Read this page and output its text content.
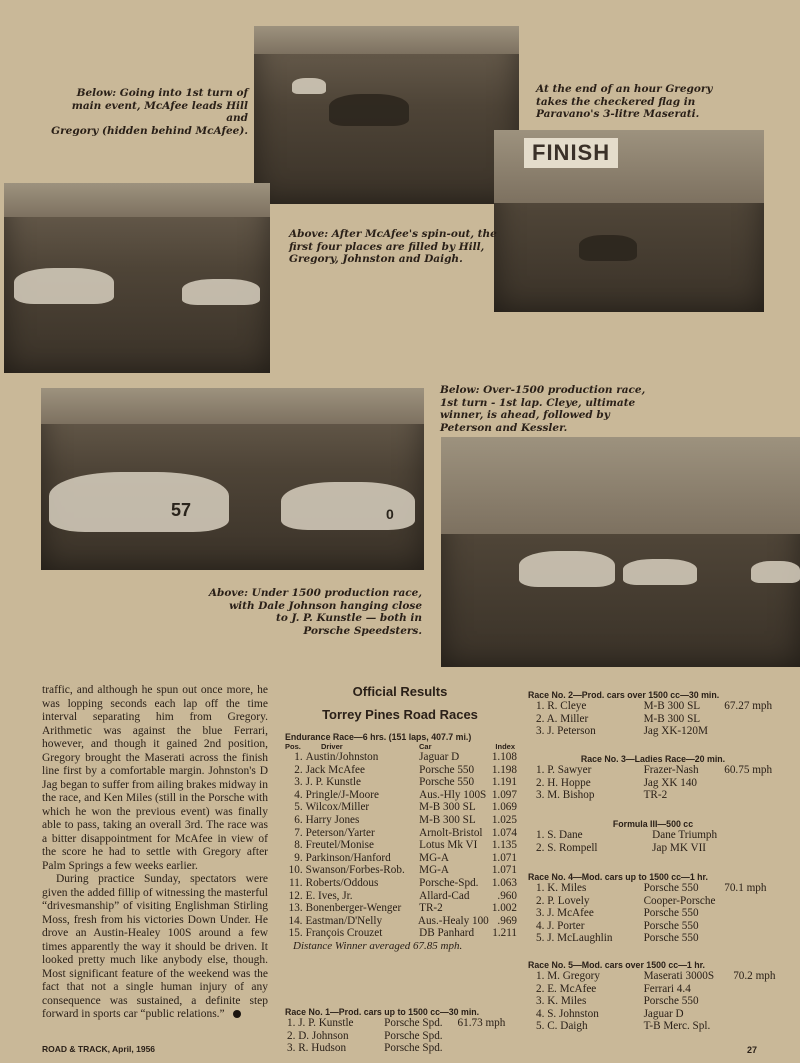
FINISH
57	0
Below: Going into 1st turn of
main event, McAfee leads Hill and
Gregory (hidden behind McAfee).
At the end of an hour Gregory
takes the checkered flag in
Paravano's 3-litre Maserati.
Above: After McAfee's spin-out, the
first four places are filled by Hill,
Gregory, Johnston and Daigh.
Below: Over-1500 production race,
1st turn - 1st lap. Cleye, ultimate
winner, is ahead, followed by
Peterson and Kessler.
Above: Under 1500 production race,
with Dale Johnson hanging close
to J. P. Kunstle — both in
Porsche Speedsters.

traffic, and although he spun out once more, he was lopping seconds each lap off the time interval separating him from Gregory. Arithmetic was against the blue Ferrari, however, and though it gained 2nd position, Gregory brought the Maserati across the finish line first by a comfortable margin. Johnston's D Jag began to suffer from ailing brakes midway in the race, and Ken Miles (still in the Porsche with which he won the previous event) was finally able to pass, taking an overall 3rd. The race was a bitter disappointment for McAfee in view of the score he had to settle with Gregory after Palm Springs a few weeks earlier.

During practice Sunday, spectators were given the added fillip of witnessing the masterful “drivesmanship” of visiting Englishman Stirling Moss, fresh from his victories Down Under. He drove an Austin-Healey 100S around a few times apparently the way it should be driven. It looked pretty much like anybody else, though. Most significant feature of the weekend was the fact that not a single human injury of any consequence was sustained, a definite step forward in sports car “public relations.”

Official Results
Torrey Pines Road Races
Endurance Race—6 hrs. (151 laps, 407.7 mi.)
Pos.	Driver	Car	Index
1. Austin/Johnston	Jaguar D	1.108
2. Jack McAfee	Porsche 550	1.198
3. J. P. Kunstle	Porsche 550	1.191
4. Pringle/J-Moore	Aus.-Hly 100S 1.097
5. Wilcox/Miller	M-B 300 SL	1.069
6. Harry Jones	M-B 300 SL	1.025
7. Peterson/Yarter	Arnolt-Bristol 1.074
8. Freutel/Monise	Lotus Mk VI	1.135
9. Parkinson/Hanford	MG-A	1.071
10. Swanson/Forbes-Rob.	MG-A	1.071
11. Roberts/Oddous	Porsche-Spd.	1.063
12. E. Ives, Jr.	Allard-Cad	.960
13. Bonenberger-Wenger	TR-2	1.002
14. Eastman/D'Nelly	Aus.-Healy 100 .969
15. François Crouzet	DB Panhard	1.211
Distance Winner averaged 67.85 mph.
Race No. 1—Prod. cars up to 1500 cc—30 min.
1. J. P. Kunstle	Porsche Spd.	61.73 mph
2. D. Johnson	Porsche Spd.
3. R. Hudson	Porsche Spd.
Race No. 2—Prod. cars over 1500 cc—30 min.
1. R. Cleye	M-B 300 SL	67.27 mph
2. A. Miller	M-B 300 SL
3. J. Peterson	Jag XK-120M
Race No. 3—Ladies Race—20 min.
1. P. Sawyer	Frazer-Nash	60.75 mph
2. H. Hoppe	Jag XK 140
3. M. Bishop	TR-2
Formula III—500 cc
1. S. Dane	Dane Triumph
2. S. Rompell	Jap MK VII
Race No. 4—Mod. cars up to 1500 cc—1 hr.
1. K. Miles	Porsche 550	70.1 mph
2. P. Lovely	Cooper-Porsche
3. J. McAfee	Porsche 550
4. J. Porter	Porsche 550
5. J. McLaughlin	Porsche 550
Race No. 5—Mod. cars over 1500 cc—1 hr.
1. M. Gregory	Maserati 3000S	70.2 mph
2. E. McAfee	Ferrari 4.4
3. K. Miles	Porsche 550
4. S. Johnston	Jaguar D
5. C. Daigh	T-B Merc. Spl.
ROAD & TRACK, April, 1956	27
